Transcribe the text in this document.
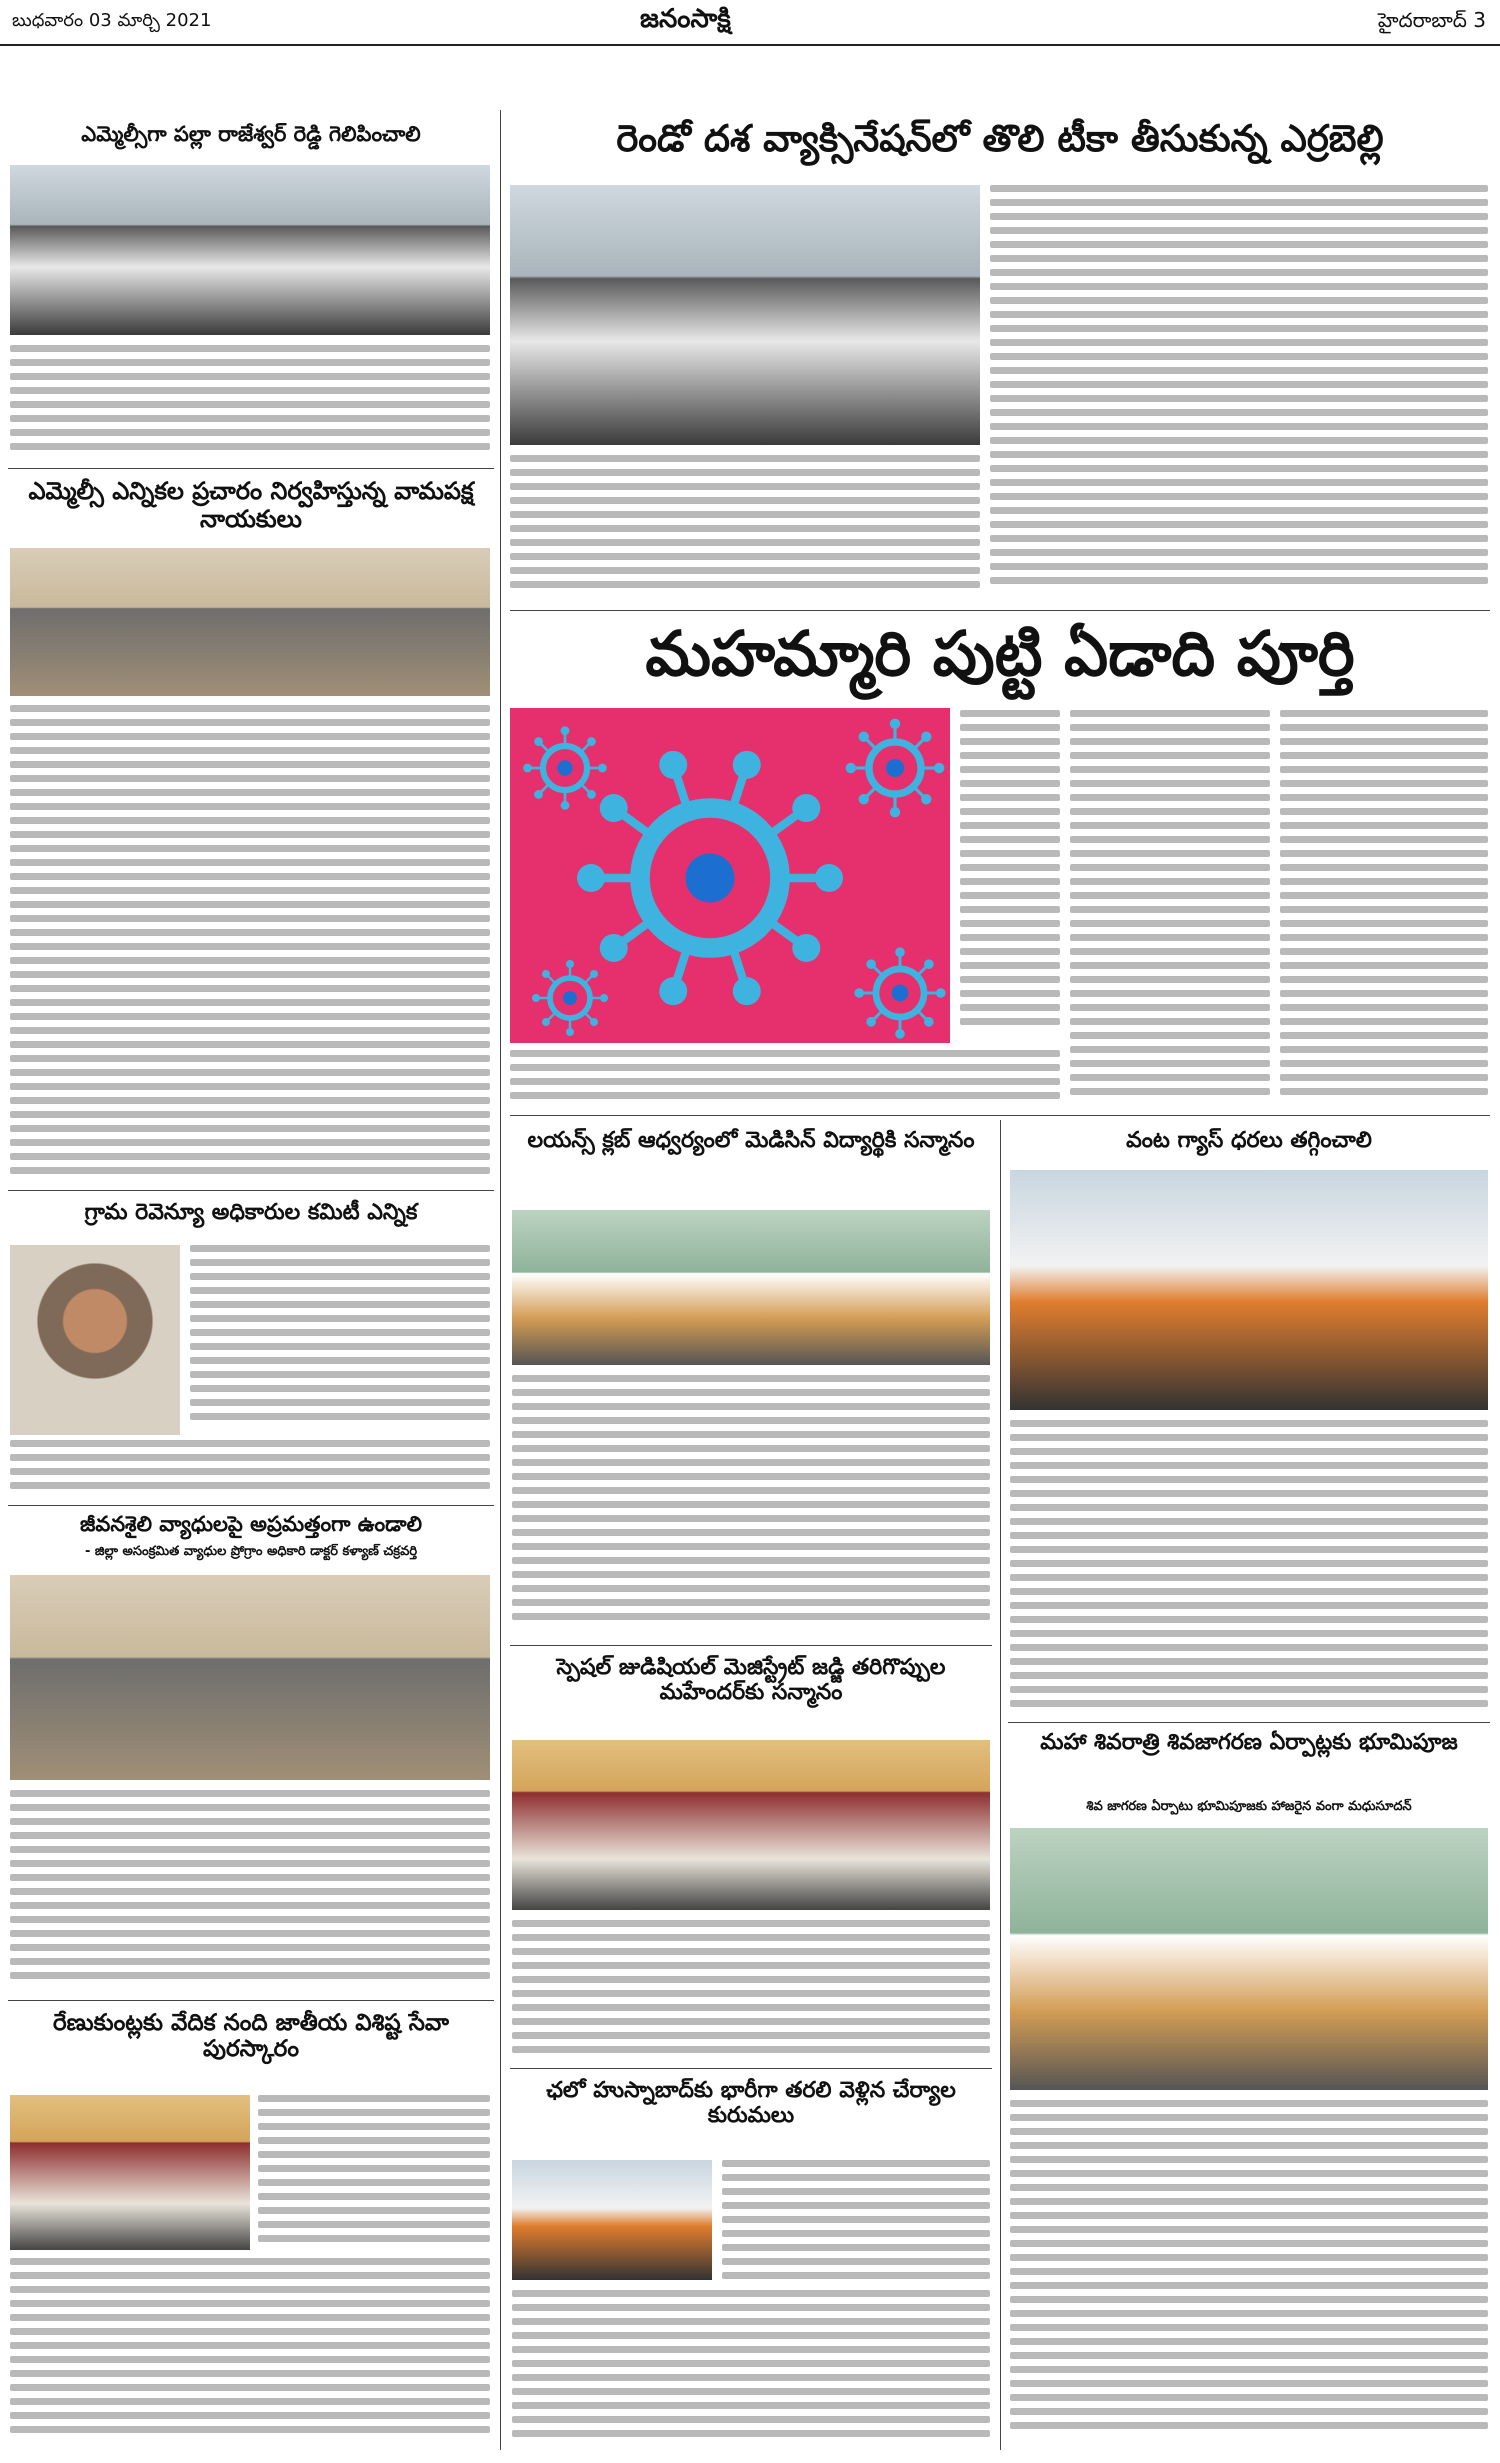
బుధవారం 03 మార్చి 2021	జనంసాక్షి	హైదరాబాద్ 3
ఎమ్మెల్సీగా పల్లా రాజేశ్వర్ రెడ్డి గెలిపించాలి
ఎమ్మెల్సీ ఎన్నికల ప్రచారం నిర్వహిస్తున్న వామపక్ష నాయకులు
గ్రామ రెవెన్యూ అధికారుల కమిటీ ఎన్నిక
జీవనశైలి వ్యాధులపై అప్రమత్తంగా ఉండాలి
- జిల్లా అసంక్రమిత వ్యాధుల ప్రోగ్రాం అధికారి డాక్టర్ కళ్యాణ్ చక్రవర్తి
రేణుకుంట్లకు వేదిక నంది జాతీయ విశిష్ట సేవా పురస్కారం
రెండో దశ వ్యాక్సినేషన్‌లో తొలి టీకా తీసుకున్న ఎర్రబెల్లి
మహమ్మారి పుట్టి ఏడాది పూర్తి
లయన్స్ క్లబ్ ఆధ్వర్యంలో మెడిసిన్ విద్యార్థికి సన్మానం
స్పెషల్ జుడిషియల్ మెజిస్ట్రేట్ జడ్జి తరిగొప్పుల మహేందర్‌కు సన్మానం
ఛలో హుస్నాబాద్‌కు భారీగా తరలి వెళ్లిన చేర్యాల కురుమలు
వంట గ్యాస్ ధరలు తగ్గించాలి
మహా శివరాత్రి శివజాగరణ ఏర్పాట్లకు భూమిపూజ
శివ జాగరణ ఏర్పాటు భూమిపూజకు హాజరైన వంగా మధుసూదన్
